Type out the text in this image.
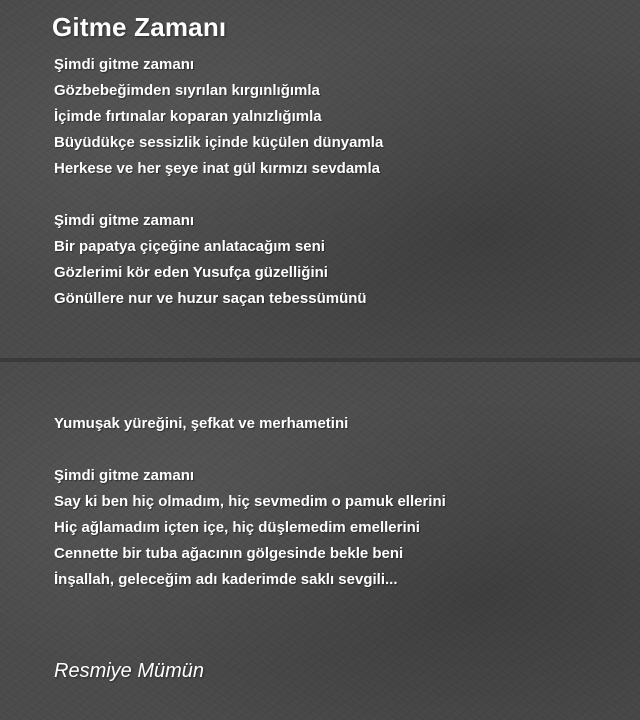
Gitme Zamanı
Şimdi gitme zamanı
Gözbebeğimden sıyrılan kırgınlığımla
İçimde fırtınalar koparan yalnızlığımla
Büyüdükçe sessizlik içinde küçülen dünyamla
Herkese ve her şeye inat gül kırmızı sevdamla
Şimdi gitme zamanı
Bir papatya çiçeğine anlatacağım seni
Gözlerimi kör eden Yusufça güzelliğini
Gönüllere nur ve huzur saçan tebessümünü
Yumuşak yüreğini, şefkat ve merhametini
Şimdi gitme zamanı
Say ki ben hiç olmadım, hiç sevmedim o pamuk ellerini
Hiç ağlamadım içten içe, hiç düşlemedim emellerini
Cennette bir tuba ağacının gölgesinde bekle beni
İnşallah, geleceğim adı kaderimde saklı sevgili...
Resmiye Mümün
